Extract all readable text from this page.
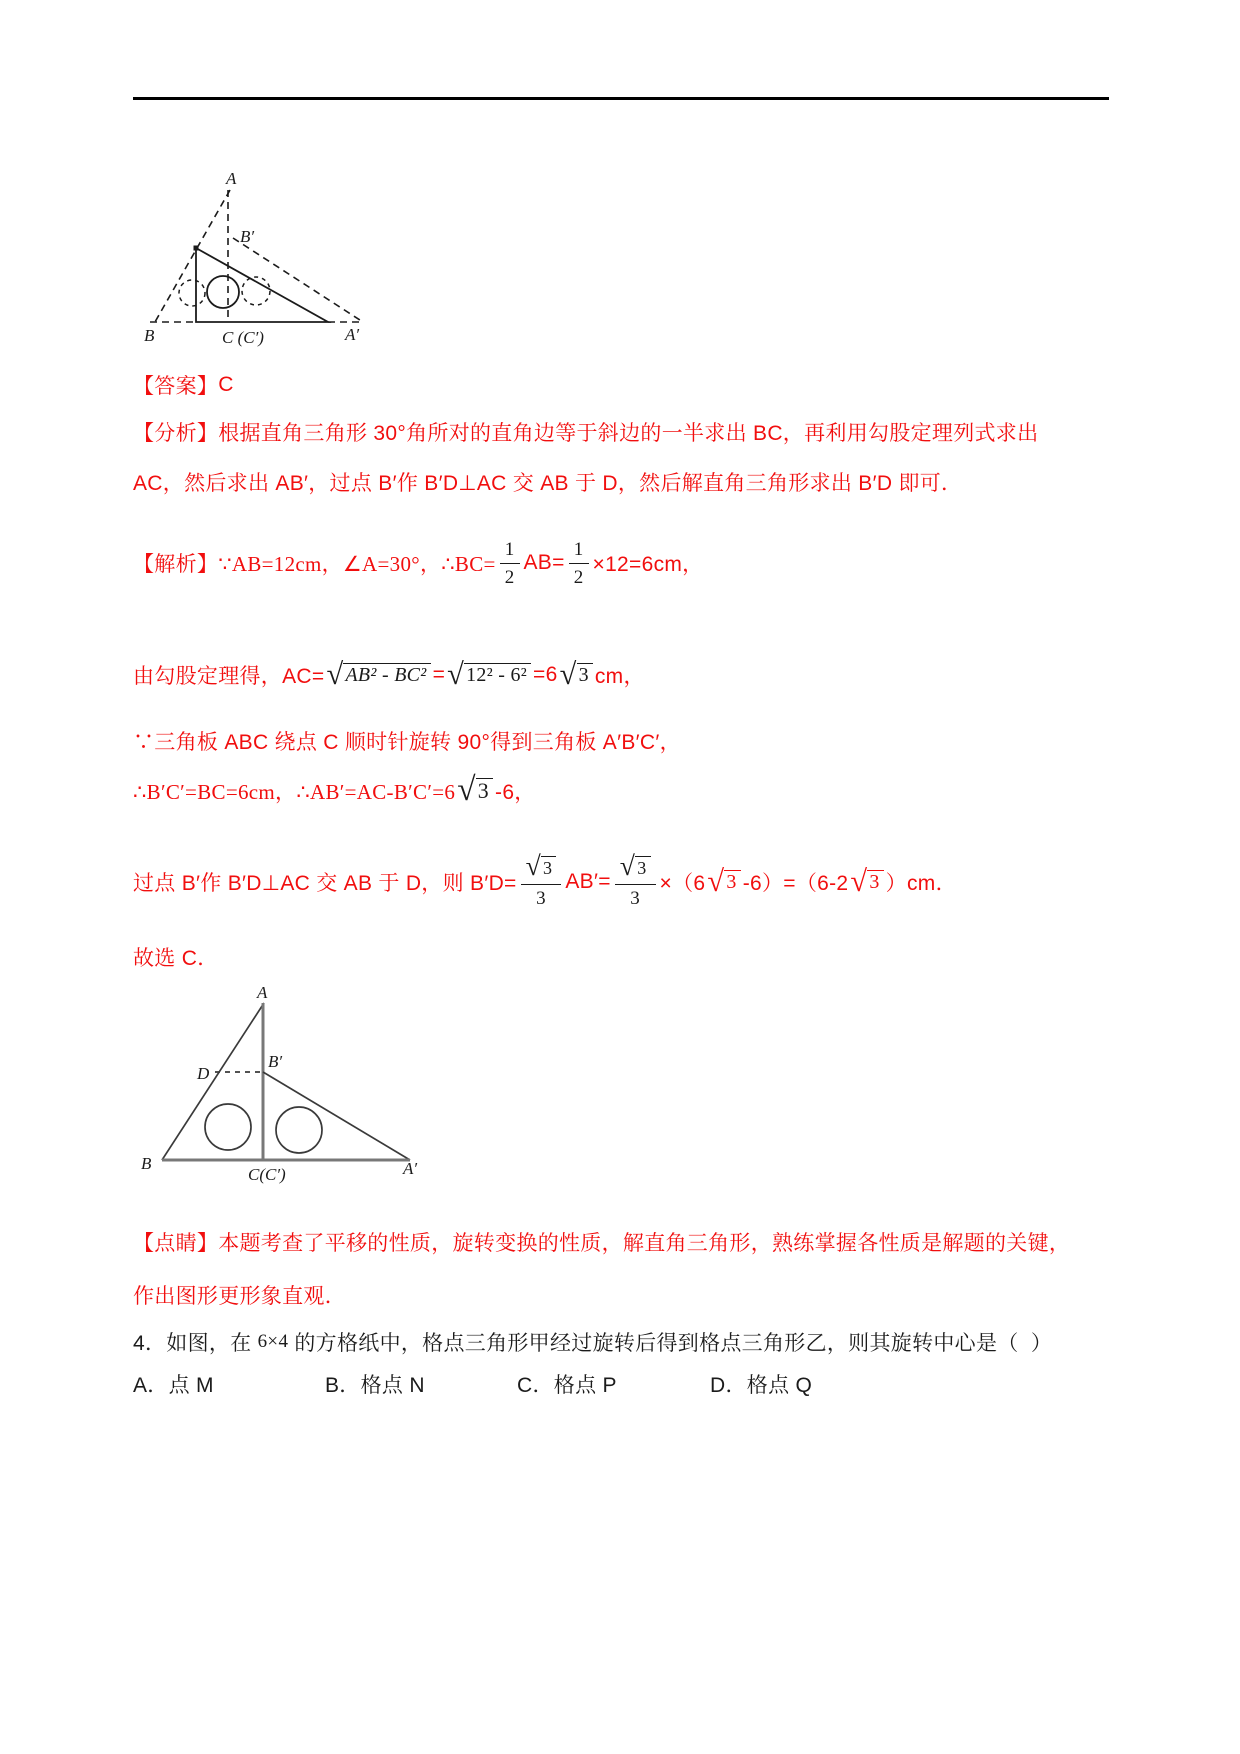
A
B′
B	C (C′)	A′
【答案】 C
【分析】 根据直角三角形 30°角所对的直角边等于斜边的一半求出 BC，再利用勾股定理列式求出
AC，然后求出 AB′，过点 B′作 B′D⊥AC 交 AB 于 D，然后解直角三角形求出 B′D 即可．
【解析】 ∵AB=12cm，∠A=30°，∴BC= $\frac{1}{2} AB= \frac{1}{2} \times 12=6cm$，
由勾股定理得，AC= √ AB² - BC² = √ 12² - 6² =6 √ 3 cm，
∵三角板 ABC 绕点 C 顺时针旋转 90°得到三角板 A′B′C′，
∴B′C′=BC=6cm，∴AB′=AC-B′C′=6 √ 3 -6，
过点 B′作 B′D⊥AC 交 AB 于 D，则 $B'D= \frac{√ 3}{3} AB'= \frac{√ 3}{3} \times(6$ √ 3 -6）=（6-2 √ 3 ）cm．
故选 C．
A
D
B′
B
C(C′)	A′
【点睛】 本题考查了平移的性质，旋转变换的性质，解直角三角形，熟练掌握各性质是解题的关键，
作出图形更形象直观．
4．如图，在 6×4 的方格纸中，格点三角形甲经过旋转后得到格点三角形乙，则其旋转中心是（  ）
A．点 M	B．格点 N	C．格点 P	D．格点 Q
